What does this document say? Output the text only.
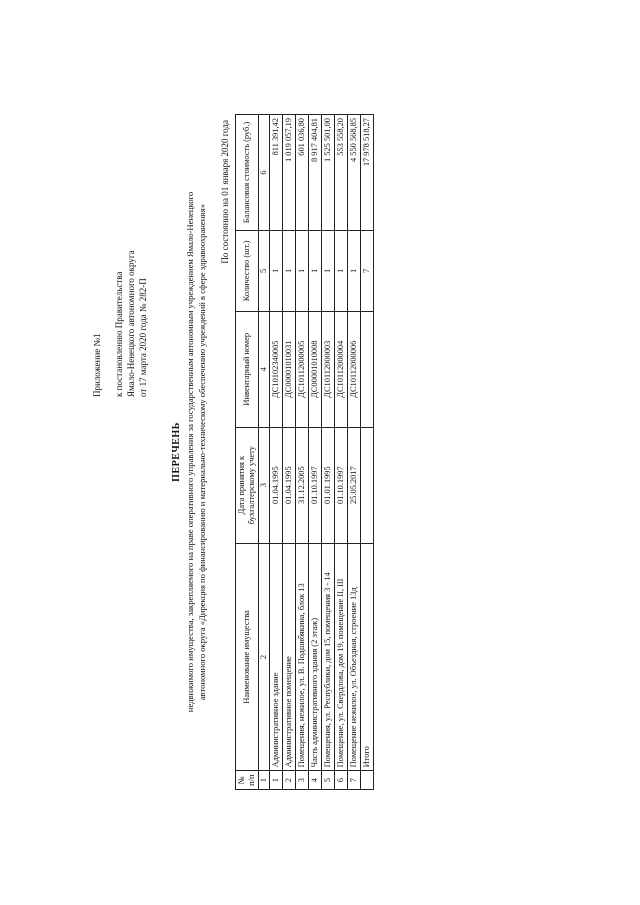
Приложение №1 к постановлению Правительства Ямало-Ненецкого автономного округа от 17 марта 2020 года № 282-П
ПЕРЕЧЕНЬ недвижимого имущества, закрепляемого на праве оперативного управления за государственным автономным учреждением Ямало-Ненецкого автономного округа «Дирекция по финансированию и материально-техническому обеспечению учреждений в сфере здравоохранения»
По состоянию на 01 января 2020 года
№ п/п	Наименование имущества	Дата принятия к бухгалтерскому учету	Инвентарный номер	Количество (шт.)	Балансовая стоимость (руб.)
1	2	3	4	5	6
1	Административное здание	01.04.1995	ДС10102340005	1	811 391,42
2	Административное помещение	01.04.1995	ДС00001010031	1	1 019 057,19
3	Помещения, нежилое, ул. В. Подшибякина, блок 13	31.12.2005	ДС10112000005	1	601 036,80
4	Часть административного здания (2 этаж)	01.10.1997	ДС00001010008	1	8 917 404,81
5	Помещения, ул. Республики, дом 15, помещения 3 - 14	01.01.1995	ДС10112000003	1	1 525 501,00
6	Помещение, ул. Свердлова, дом 19, помещение II, III	01.10.1997	ДС10112000004	1	553 558,20
7	Помещение нежилое, ул. Объездная, строение 13д	25.05.2017	ДС10112000006	1	4 550 568,85
	Итого			7	17 978 518,27
